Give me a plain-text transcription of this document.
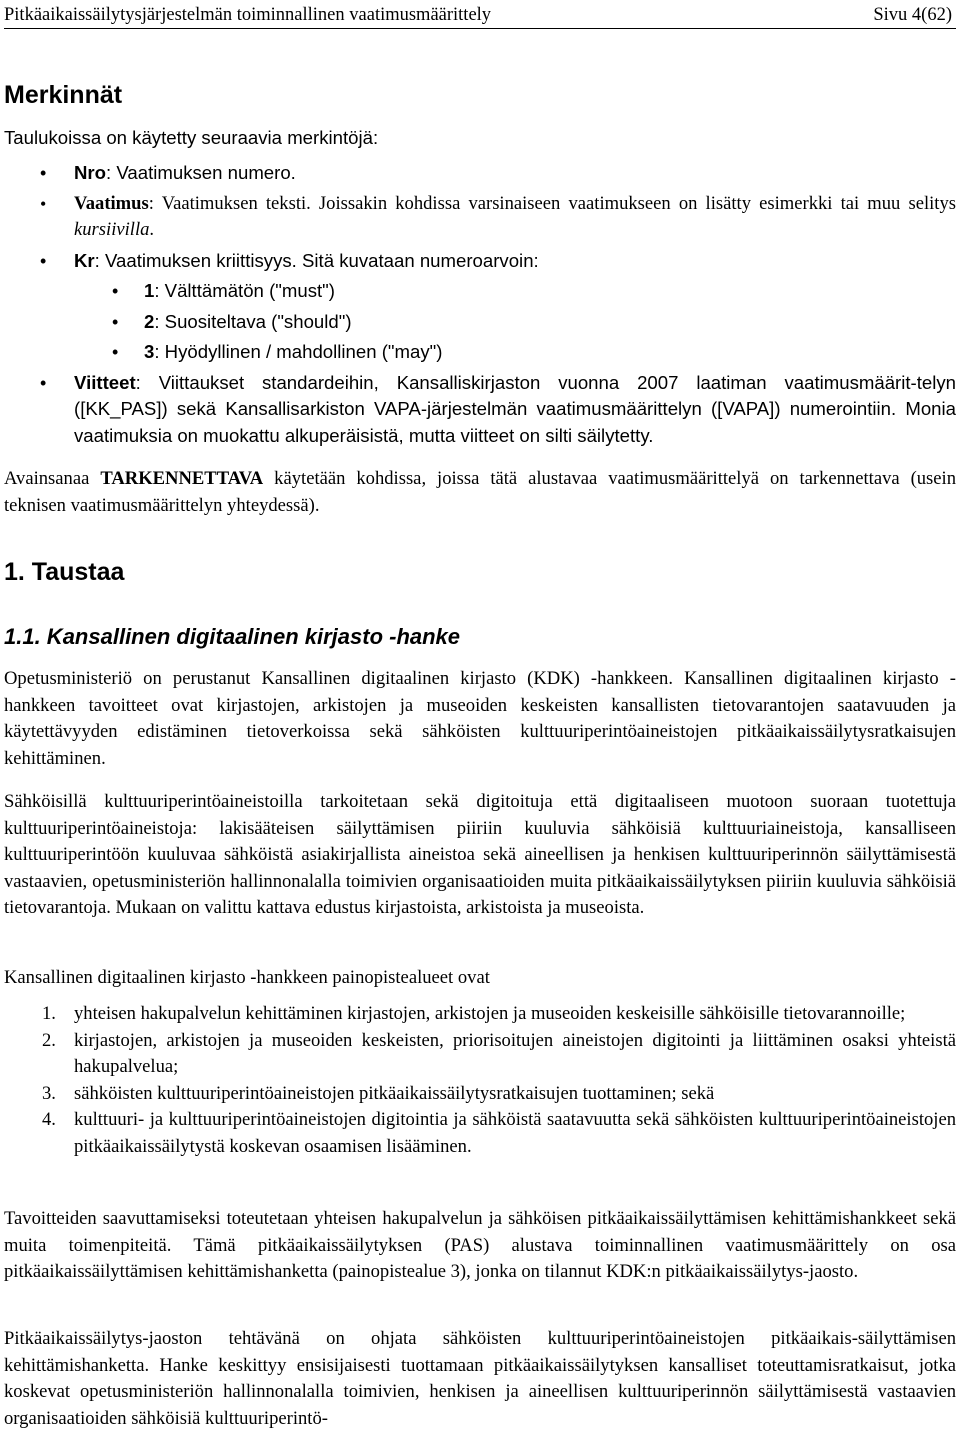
Pitkäaikaissäilytysjärjestelmän toiminnallinen vaatimusmäärittely	Sivu 4(62)
Merkinnät

Taulukoissa on käytetty seuraavia merkintöjä:

• Nro: Vaatimuksen numero.
• Vaatimus: Vaatimuksen teksti. Joissakin kohdissa varsinaiseen vaatimukseen on lisätty esimerkki tai muu selitys kursiivilla.
• Kr: Vaatimuksen kriittisyys. Sitä kuvataan numeroarvoin:
• 1: Välttämätön ("must")
• 2: Suositeltava ("should")
• 3: Hyödyllinen / mahdollinen ("may")
• Viitteet: Viittaukset standardeihin, Kansalliskirjaston vuonna 2007 laatiman vaatimusmäärit-telyn ([KK_PAS]) sekä Kansallisarkiston VAPA-järjestelmän vaatimusmäärittelyn ([VAPA]) numerointiin. Monia vaatimuksia on muokattu alkuperäisistä, mutta viitteet on silti säilytetty.

Avainsanaa TARKENNETTAVA käytetään kohdissa, joissa tätä alustavaa vaatimusmäärittelyä on tarkennettava (usein teknisen vaatimusmäärittelyn yhteydessä).

1. Taustaa
1.1. Kansallinen digitaalinen kirjasto -hanke

Opetusministeriö on perustanut Kansallinen digitaalinen kirjasto (KDK) -hankkeen. Kansallinen digitaalinen kirjasto -hankkeen tavoitteet ovat kirjastojen, arkistojen ja museoiden keskeisten kansallisten tietovarantojen saatavuuden ja käytettävyyden edistäminen tietoverkoissa sekä sähköisten kulttuuriperintöaineistojen pitkäaikaissäilytysratkaisujen kehittäminen.

Sähköisillä kulttuuriperintöaineistoilla tarkoitetaan sekä digitoituja että digitaaliseen muotoon suoraan tuotettuja kulttuuriperintöaineistoja: lakisääteisen säilyttämisen piiriin kuuluvia sähköisiä kulttuuriaineistoja, kansalliseen kulttuuriperintöön kuuluvaa sähköistä asiakirjallista aineistoa sekä aineellisen ja henkisen kulttuuriperinnön säilyttämisestä vastaavien, opetusministeriön hallinnonalalla toimivien organisaatioiden muita pitkäaikaissäilytyksen piiriin kuuluvia sähköisiä tietovarantoja. Mukaan on valittu kattava edustus kirjastoista, arkistoista ja museoista.

Kansallinen digitaalinen kirjasto -hankkeen painopistealueet ovat

1. yhteisen hakupalvelun kehittäminen kirjastojen, arkistojen ja museoiden keskeisille sähköisille tietovarannoille;
2. kirjastojen, arkistojen ja museoiden keskeisten, priorisoitujen aineistojen digitointi ja liittäminen osaksi yhteistä hakupalvelua;
3. sähköisten kulttuuriperintöaineistojen pitkäaikaissäilytysratkaisujen tuottaminen; sekä
4. kulttuuri- ja kulttuuriperintöaineistojen digitointia ja sähköistä saatavuutta sekä sähköisten kulttuuriperintöaineistojen pitkäaikaissäilytystä koskevan osaamisen lisääminen.

Tavoitteiden saavuttamiseksi toteutetaan yhteisen hakupalvelun ja sähköisen pitkäaikaissäilyttämisen kehittämishankkeet sekä muita toimenpiteitä. Tämä pitkäaikaissäilytyksen (PAS) alustava toiminnallinen vaatimusmäärittely on osa pitkäaikaissäilyttämisen kehittämishanketta (painopistealue 3), jonka on tilannut KDK:n pitkäaikaissäilytys-jaosto.

Pitkäaikaissäilytys-jaoston tehtävänä on ohjata sähköisten kulttuuriperintöaineistojen pitkäaikais-säilyttämisen kehittämishanketta. Hanke keskittyy ensisijaisesti tuottamaan pitkäaikaissäilytyksen kansalliset toteuttamisratkaisut, jotka koskevat opetusministeriön hallinnonalalla toimivien, henkisen ja aineellisen kulttuuriperinnön säilyttämisestä vastaavien organisaatioiden sähköisiä kulttuuriperintö-
